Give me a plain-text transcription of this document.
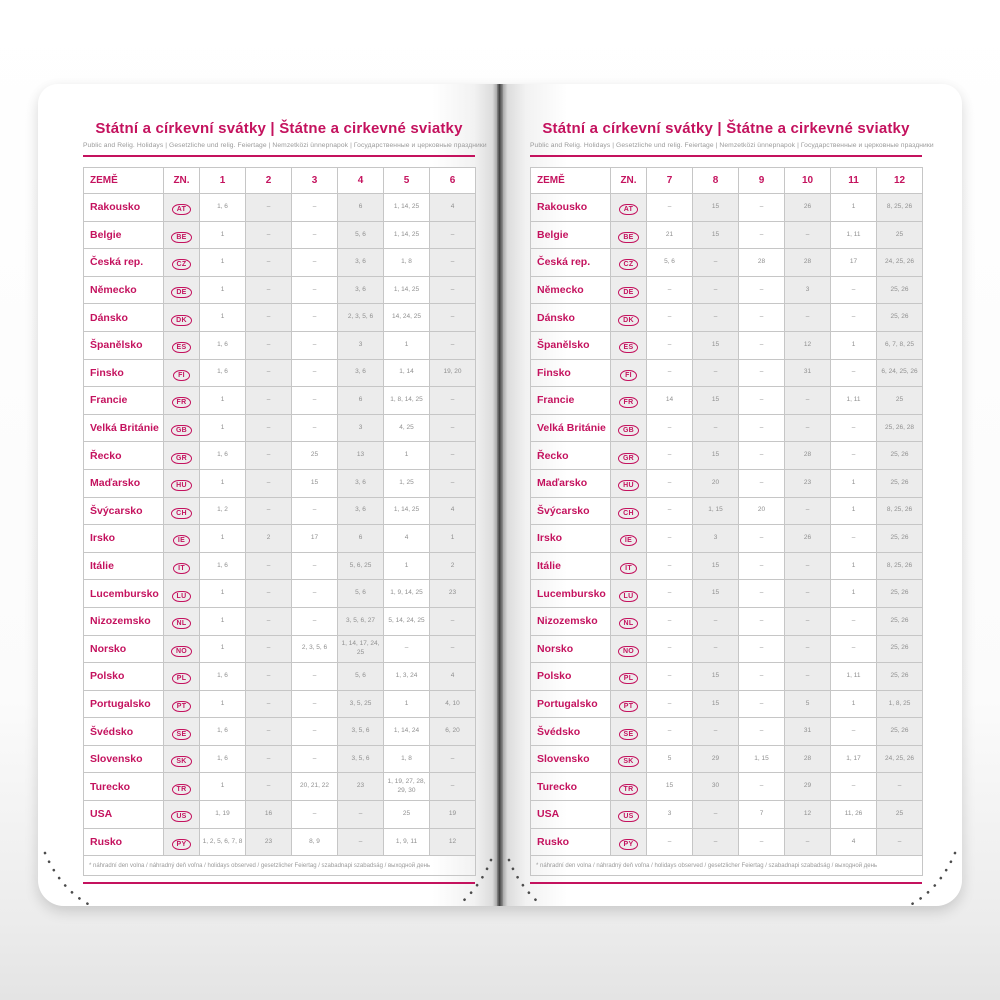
Státní a církevní svátky | Štátne a cirkevné sviatky
Public and Relig. Holidays | Gesetzliche und relig. Feiertage | Nemzetközi ünnepnapok | Государственные и церковные праздники
ZEMĚ	ZN.	1	2	3	4	5	6
Rakousko	AT	1, 6	–	–	6	1, 14, 25	4
Belgie	BE	1	–	–	5, 6	1, 14, 25	–
Česká rep.	CZ	1	–	–	3, 6	1, 8	–
Německo	DE	1	–	–	3, 6	1, 14, 25	–
Dánsko	DK	1	–	–	2, 3, 5, 6	14, 24, 25	–
Španělsko	ES	1, 6	–	–	3	1	–
Finsko	FI	1, 6	–	–	3, 6	1, 14	19, 20
Francie	FR	1	–	–	6	1, 8, 14, 25	–
Velká Británie	GB	1	–	–	3	4, 25	–
Řecko	GR	1, 6	–	25	13	1	–
Maďarsko	HU	1	–	15	3, 6	1, 25	–
Švýcarsko	CH	1, 2	–	–	3, 6	1, 14, 25	4
Irsko	IE	1	2	17	6	4	1
Itálie	IT	1, 6	–	–	5, 6, 25	1	2
Lucembursko	LU	1	–	–	5, 6	1, 9, 14, 25	23
Nizozemsko	NL	1	–	–	3, 5, 6, 27	5, 14, 24, 25	–
Norsko	NO	1	–	2, 3, 5, 6	1, 14, 17, 24, 25	–	–
Polsko	PL	1, 6	–	–	5, 6	1, 3, 24	4
Portugalsko	PT	1	–	–	3, 5, 25	1	4, 10
Švédsko	SE	1, 6	–	–	3, 5, 6	1, 14, 24	6, 20
Slovensko	SK	1, 6	–	–	3, 5, 6	1, 8	–
Turecko	TR	1	–	20, 21, 22	23	1, 19, 27, 28, 29, 30	–
USA	US	1, 19	16	–	–	25	19
Rusko	PY	1, 2, 5, 6, 7, 8	23	8, 9	–	1, 9, 11	12
* náhradní den volna / náhradný deň voľna / holidays observed / gesetzlicher Feiertag / szabadnapi szabadság / выходной день							
Státní a církevní svátky | Štátne a cirkevné sviatky
Public and Relig. Holidays | Gesetzliche und relig. Feiertage | Nemzetközi ünnepnapok | Государственные и церковные праздники
ZEMĚ	ZN.	7	8	9	10	11	12
Rakousko	AT	–	15	–	26	1	8, 25, 26
Belgie	BE	21	15	–	–	1, 11	25
Česká rep.	CZ	5, 6	–	28	28	17	24, 25, 26
Německo	DE	–	–	–	3	–	25, 26
Dánsko	DK	–	–	–	–	–	25, 26
Španělsko	ES	–	15	–	12	1	6, 7, 8, 25
Finsko	FI	–	–	–	31	–	6, 24, 25, 26
Francie	FR	14	15	–	–	1, 11	25
Velká Británie	GB	–	–	–	–	–	25, 26, 28
Řecko	GR	–	15	–	28	–	25, 26
Maďarsko	HU	–	20	–	23	1	25, 26
Švýcarsko	CH	–	1, 15	20	–	1	8, 25, 26
Irsko	IE	–	3	–	26	–	25, 26
Itálie	IT	–	15	–	–	1	8, 25, 26
Lucembursko	LU	–	15	–	–	1	25, 26
Nizozemsko	NL	–	–	–	–	–	25, 26
Norsko	NO	–	–	–	–	–	25, 26
Polsko	PL	–	15	–	–	1, 11	25, 26
Portugalsko	PT	–	15	–	5	1	1, 8, 25
Švédsko	SE	–	–	–	31	–	25, 26
Slovensko	SK	5	29	1, 15	28	1, 17	24, 25, 26
Turecko	TR	15	30	–	29	–	–
USA	US	3	–	7	12	11, 26	25
Rusko	PY	–	–	–	–	4	–
* náhradní den volna / náhradný deň voľna / holidays observed / gesetzlicher Feiertag / szabadnapi szabadság / выходной день							
